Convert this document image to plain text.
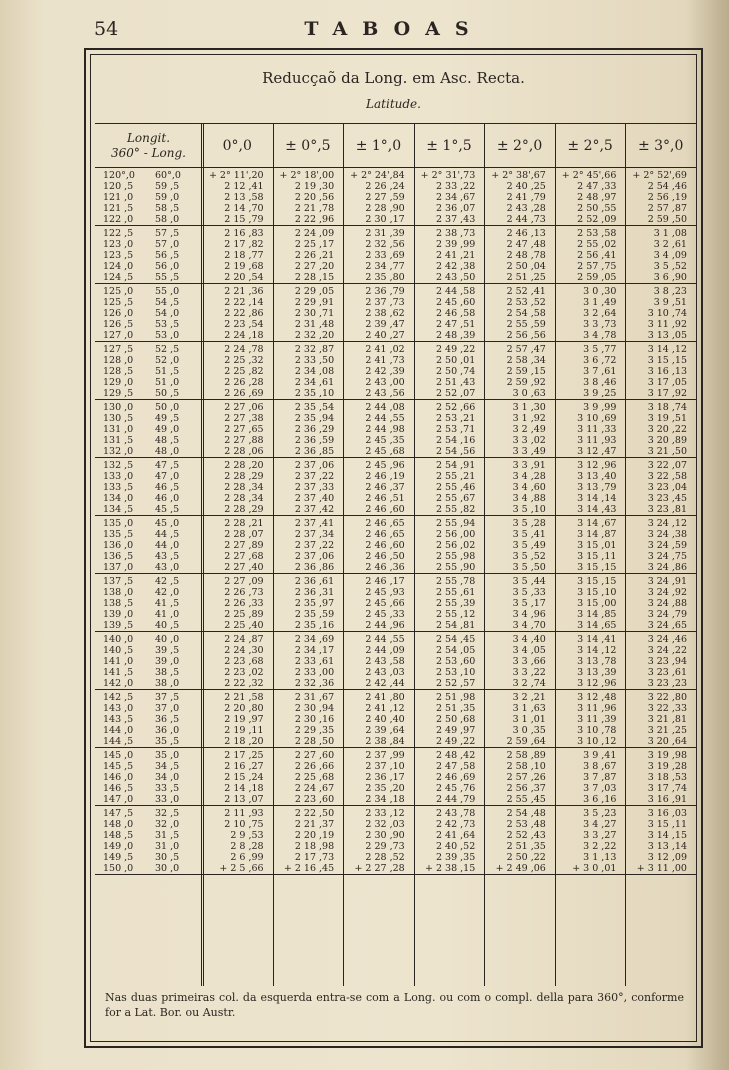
54	TABOAS
Reducçaõ da Long. em Asc. Recta.
Latitude.
Longit.
360° - Long.	0°,0	± 0°,5	± 1°,0	± 1°,5	± 2°,0	± 2°,5	± 3°,0
120°,0 60°,0	+ 2° 11',20	+ 2° 18',00	+ 2° 24',84	+ 2° 31',73	+ 2° 38',67	+ 2° 45',66	+ 2° 52',69
120 ,5 59 ,5	2 12 ,41	2 19 ,30	2 26 ,24	2 33 ,22	2 40 ,25	2 47 ,33	2 54 ,46
121 ,0 59 ,0	2 13 ,58	2 20 ,56	2 27 ,59	2 34 ,67	2 41 ,79	2 48 ,97	2 56 ,19
121 ,5 58 ,5	2 14 ,70	2 21 ,78	2 28 ,90	2 36 ,07	2 43 ,28	2 50 ,55	2 57 ,87
122 ,0 58 ,0	2 15 ,79	2 22 ,96	2 30 ,17	2 37 ,43	2 44 ,73	2 52 ,09	2 59 ,50
122 ,5 57 ,5	2 16 ,83	2 24 ,09	2 31 ,39	2 38 ,73	2 46 ,13	2 53 ,58	3 1 ,08
123 ,0 57 ,0	2 17 ,82	2 25 ,17	2 32 ,56	2 39 ,99	2 47 ,48	2 55 ,02	3 2 ,61
123 ,5 56 ,5	2 18 ,77	2 26 ,21	2 33 ,69	2 41 ,21	2 48 ,78	2 56 ,41	3 4 ,09
124 ,0 56 ,0	2 19 ,68	2 27 ,20	2 34 ,77	2 42 ,38	2 50 ,04	2 57 ,75	3 5 ,52
124 ,5 55 ,5	2 20 ,54	2 28 ,15	2 35 ,80	2 43 ,50	2 51 ,25	2 59 ,05	3 6 ,90
125 ,0 55 ,0	2 21 ,36	2 29 ,05	2 36 ,79	2 44 ,58	2 52 ,41	3 0 ,30	3 8 ,23
125 ,5 54 ,5	2 22 ,14	2 29 ,91	2 37 ,73	2 45 ,60	2 53 ,52	3 1 ,49	3 9 ,51
126 ,0 54 ,0	2 22 ,86	2 30 ,71	2 38 ,62	2 46 ,58	2 54 ,58	3 2 ,64	3 10 ,74
126 ,5 53 ,5	2 23 ,54	2 31 ,48	2 39 ,47	2 47 ,51	2 55 ,59	3 3 ,73	3 11 ,92
127 ,0 53 ,0	2 24 ,18	2 32 ,20	2 40 ,27	2 48 ,39	2 56 ,56	3 4 ,78	3 13 ,05
127 ,5 52 ,5	2 24 ,78	2 32 ,87	2 41 ,02	2 49 ,22	2 57 ,47	3 5 ,77	3 14 ,12
128 ,0 52 ,0	2 25 ,32	2 33 ,50	2 41 ,73	2 50 ,01	2 58 ,34	3 6 ,72	3 15 ,15
128 ,5 51 ,5	2 25 ,82	2 34 ,08	2 42 ,39	2 50 ,74	2 59 ,15	3 7 ,61	3 16 ,13
129 ,0 51 ,0	2 26 ,28	2 34 ,61	2 43 ,00	2 51 ,43	2 59 ,92	3 8 ,46	3 17 ,05
129 ,5 50 ,5	2 26 ,69	2 35 ,10	2 43 ,56	2 52 ,07	3 0 ,63	3 9 ,25	3 17 ,92
130 ,0 50 ,0	2 27 ,06	2 35 ,54	2 44 ,08	2 52 ,66	3 1 ,30	3 9 ,99	3 18 ,74
130 ,5 49 ,5	2 27 ,38	2 35 ,94	2 44 ,55	2 53 ,21	3 1 ,92	3 10 ,69	3 19 ,51
131 ,0 49 ,0	2 27 ,65	2 36 ,29	2 44 ,98	2 53 ,71	3 2 ,49	3 11 ,33	3 20 ,22
131 ,5 48 ,5	2 27 ,88	2 36 ,59	2 45 ,35	2 54 ,16	3 3 ,02	3 11 ,93	3 20 ,89
132 ,0 48 ,0	2 28 ,06	2 36 ,85	2 45 ,68	2 54 ,56	3 3 ,49	3 12 ,47	3 21 ,50
132 ,5 47 ,5	2 28 ,20	2 37 ,06	2 45 ,96	2 54 ,91	3 3 ,91	3 12 ,96	3 22 ,07
133 ,0 47 ,0	2 28 ,29	2 37 ,22	2 46 ,19	2 55 ,21	3 4 ,28	3 13 ,40	3 22 ,58
133 ,5 46 ,5	2 28 ,34	2 37 ,33	2 46 ,37	2 55 ,46	3 4 ,60	3 13 ,79	3 23 ,04
134 ,0 46 ,0	2 28 ,34	2 37 ,40	2 46 ,51	2 55 ,67	3 4 ,88	3 14 ,14	3 23 ,45
134 ,5 45 ,5	2 28 ,29	2 37 ,42	2 46 ,60	2 55 ,82	3 5 ,10	3 14 ,43	3 23 ,81
135 ,0 45 ,0	2 28 ,21	2 37 ,41	2 46 ,65	2 55 ,94	3 5 ,28	3 14 ,67	3 24 ,12
135 ,5 44 ,5	2 28 ,07	2 37 ,34	2 46 ,65	2 56 ,00	3 5 ,41	3 14 ,87	3 24 ,38
136 ,0 44 ,0	2 27 ,89	2 37 ,22	2 46 ,60	2 56 ,02	3 5 ,49	3 15 ,01	3 24 ,59
136 ,5 43 ,5	2 27 ,68	2 37 ,06	2 46 ,50	2 55 ,98	3 5 ,52	3 15 ,11	3 24 ,75
137 ,0 43 ,0	2 27 ,40	2 36 ,86	2 46 ,36	2 55 ,90	3 5 ,50	3 15 ,15	3 24 ,86
137 ,5 42 ,5	2 27 ,09	2 36 ,61	2 46 ,17	2 55 ,78	3 5 ,44	3 15 ,15	3 24 ,91
138 ,0 42 ,0	2 26 ,73	2 36 ,31	2 45 ,93	2 55 ,61	3 5 ,33	3 15 ,10	3 24 ,92
138 ,5 41 ,5	2 26 ,33	2 35 ,97	2 45 ,66	2 55 ,39	3 5 ,17	3 15 ,00	3 24 ,88
139 ,0 41 ,0	2 25 ,89	2 35 ,59	2 45 ,33	2 55 ,12	3 4 ,96	3 14 ,85	3 24 ,79
139 ,5 40 ,5	2 25 ,40	2 35 ,16	2 44 ,96	2 54 ,81	3 4 ,70	3 14 ,65	3 24 ,65
140 ,0 40 ,0	2 24 ,87	2 34 ,69	2 44 ,55	2 54 ,45	3 4 ,40	3 14 ,41	3 24 ,46
140 ,5 39 ,5	2 24 ,30	2 34 ,17	2 44 ,09	2 54 ,05	3 4 ,05	3 14 ,12	3 24 ,22
141 ,0 39 ,0	2 23 ,68	2 33 ,61	2 43 ,58	2 53 ,60	3 3 ,66	3 13 ,78	3 23 ,94
141 ,5 38 ,5	2 23 ,02	2 33 ,00	2 43 ,03	2 53 ,10	3 3 ,22	3 13 ,39	3 23 ,61
142 ,0 38 ,0	2 22 ,32	2 32 ,36	2 42 ,44	2 52 ,57	3 2 ,74	3 12 ,96	3 23 ,23
142 ,5 37 ,5	2 21 ,58	2 31 ,67	2 41 ,80	2 51 ,98	3 2 ,21	3 12 ,48	3 22 ,80
143 ,0 37 ,0	2 20 ,80	2 30 ,94	2 41 ,12	2 51 ,35	3 1 ,63	3 11 ,96	3 22 ,33
143 ,5 36 ,5	2 19 ,97	2 30 ,16	2 40 ,40	2 50 ,68	3 1 ,01	3 11 ,39	3 21 ,81
144 ,0 36 ,0	2 19 ,11	2 29 ,35	2 39 ,64	2 49 ,97	3 0 ,35	3 10 ,78	3 21 ,25
144 ,5 35 ,5	2 18 ,20	2 28 ,50	2 38 ,84	2 49 ,22	2 59 ,64	3 10 ,12	3 20 ,64
145 ,0 35 ,0	2 17 ,25	2 27 ,60	2 37 ,99	2 48 ,42	2 58 ,89	3 9 ,41	3 19 ,98
145 ,5 34 ,5	2 16 ,27	2 26 ,66	2 37 ,10	2 47 ,58	2 58 ,10	3 8 ,67	3 19 ,28
146 ,0 34 ,0	2 15 ,24	2 25 ,68	2 36 ,17	2 46 ,69	2 57 ,26	3 7 ,87	3 18 ,53
146 ,5 33 ,5	2 14 ,18	2 24 ,67	2 35 ,20	2 45 ,76	2 56 ,37	3 7 ,03	3 17 ,74
147 ,0 33 ,0	2 13 ,07	2 23 ,60	2 34 ,18	2 44 ,79	2 55 ,45	3 6 ,16	3 16 ,91
147 ,5 32 ,5	2 11 ,93	2 22 ,50	2 33 ,12	2 43 ,78	2 54 ,48	3 5 ,23	3 16 ,03
148 ,0 32 ,0	2 10 ,75	2 21 ,37	2 32 ,03	2 42 ,73	2 53 ,48	3 4 ,27	3 15 ,11
148 ,5 31 ,5	2 9 ,53	2 20 ,19	2 30 ,90	2 41 ,64	2 52 ,43	3 3 ,27	3 14 ,15
149 ,0 31 ,0	2 8 ,28	2 18 ,98	2 29 ,73	2 40 ,52	2 51 ,35	3 2 ,22	3 13 ,14
149 ,5 30 ,5	2 6 ,99	2 17 ,73	2 28 ,52	2 39 ,35	2 50 ,22	3 1 ,13	3 12 ,09
150 ,0 30 ,0	+ 2 5 ,66	+ 2 16 ,45	+ 2 27 ,28	+ 2 38 ,15	+ 2 49 ,06	+ 3 0 ,01	+ 3 11 ,00
Nas duas primeiras col. da esquerda entra-se com a Long. ou com o compl. della para 360°, conforme for a Lat. Bor. ou Austr.
